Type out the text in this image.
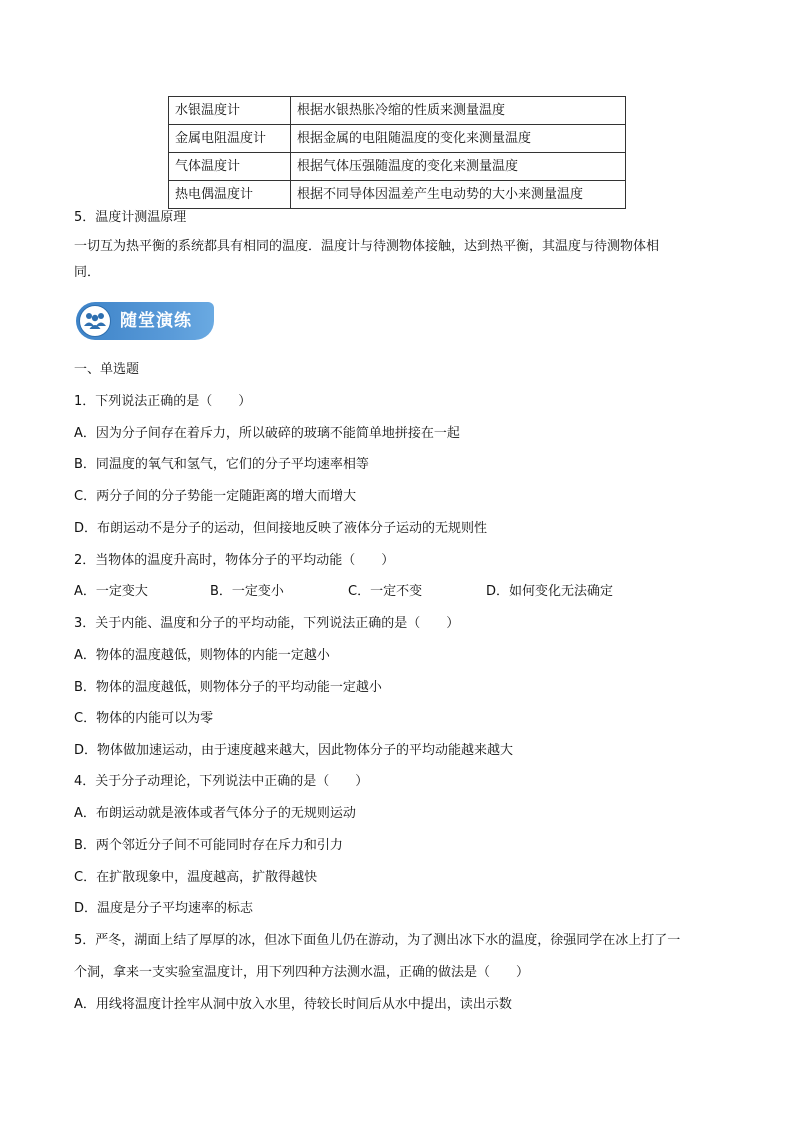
水银温度计	根据水银热胀冷缩的性质来测量温度
金属电阻温度计	根据金属的电阻随温度的变化来测量温度
气体温度计	根据气体压强随温度的变化来测量温度
热电偶温度计	根据不同导体因温差产生电动势的大小来测量温度
5．温度计测温原理
一切互为热平衡的系统都具有相同的温度．温度计与待测物体接触，达到热平衡，其温度与待测物体相
同．
随堂演练
一、单选题
1．下列说法正确的是（　　）
A．因为分子间存在着斥力，所以破碎的玻璃不能简单地拼接在一起
B．同温度的氧气和氢气，它们的分子平均速率相等
C．两分子间的分子势能一定随距离的增大而增大
D．布朗运动不是分子的运动，但间接地反映了液体分子运动的无规则性
2．当物体的温度升高时，物体分子的平均动能（　　）
A．一定变大	B．一定变小	C．一定不变	D．如何变化无法确定
3．关于内能、温度和分子的平均动能，下列说法正确的是（　　）
A．物体的温度越低，则物体的内能一定越小
B．物体的温度越低，则物体分子的平均动能一定越小
C．物体的内能可以为零
D．物体做加速运动，由于速度越来越大，因此物体分子的平均动能越来越大
4．关于分子动理论，下列说法中正确的是（　　）
A．布朗运动就是液体或者气体分子的无规则运动
B．两个邻近分子间不可能同时存在斥力和引力
C．在扩散现象中，温度越高，扩散得越快
D．温度是分子平均速率的标志
5．严冬，湖面上结了厚厚的冰，但冰下面鱼儿仍在游动，为了测出冰下水的温度，徐强同学在冰上打了一
个洞，拿来一支实验室温度计，用下列四种方法测水温，正确的做法是（　　）
A．用线将温度计拴牢从洞中放入水里，待较长时间后从水中提出，读出示数
